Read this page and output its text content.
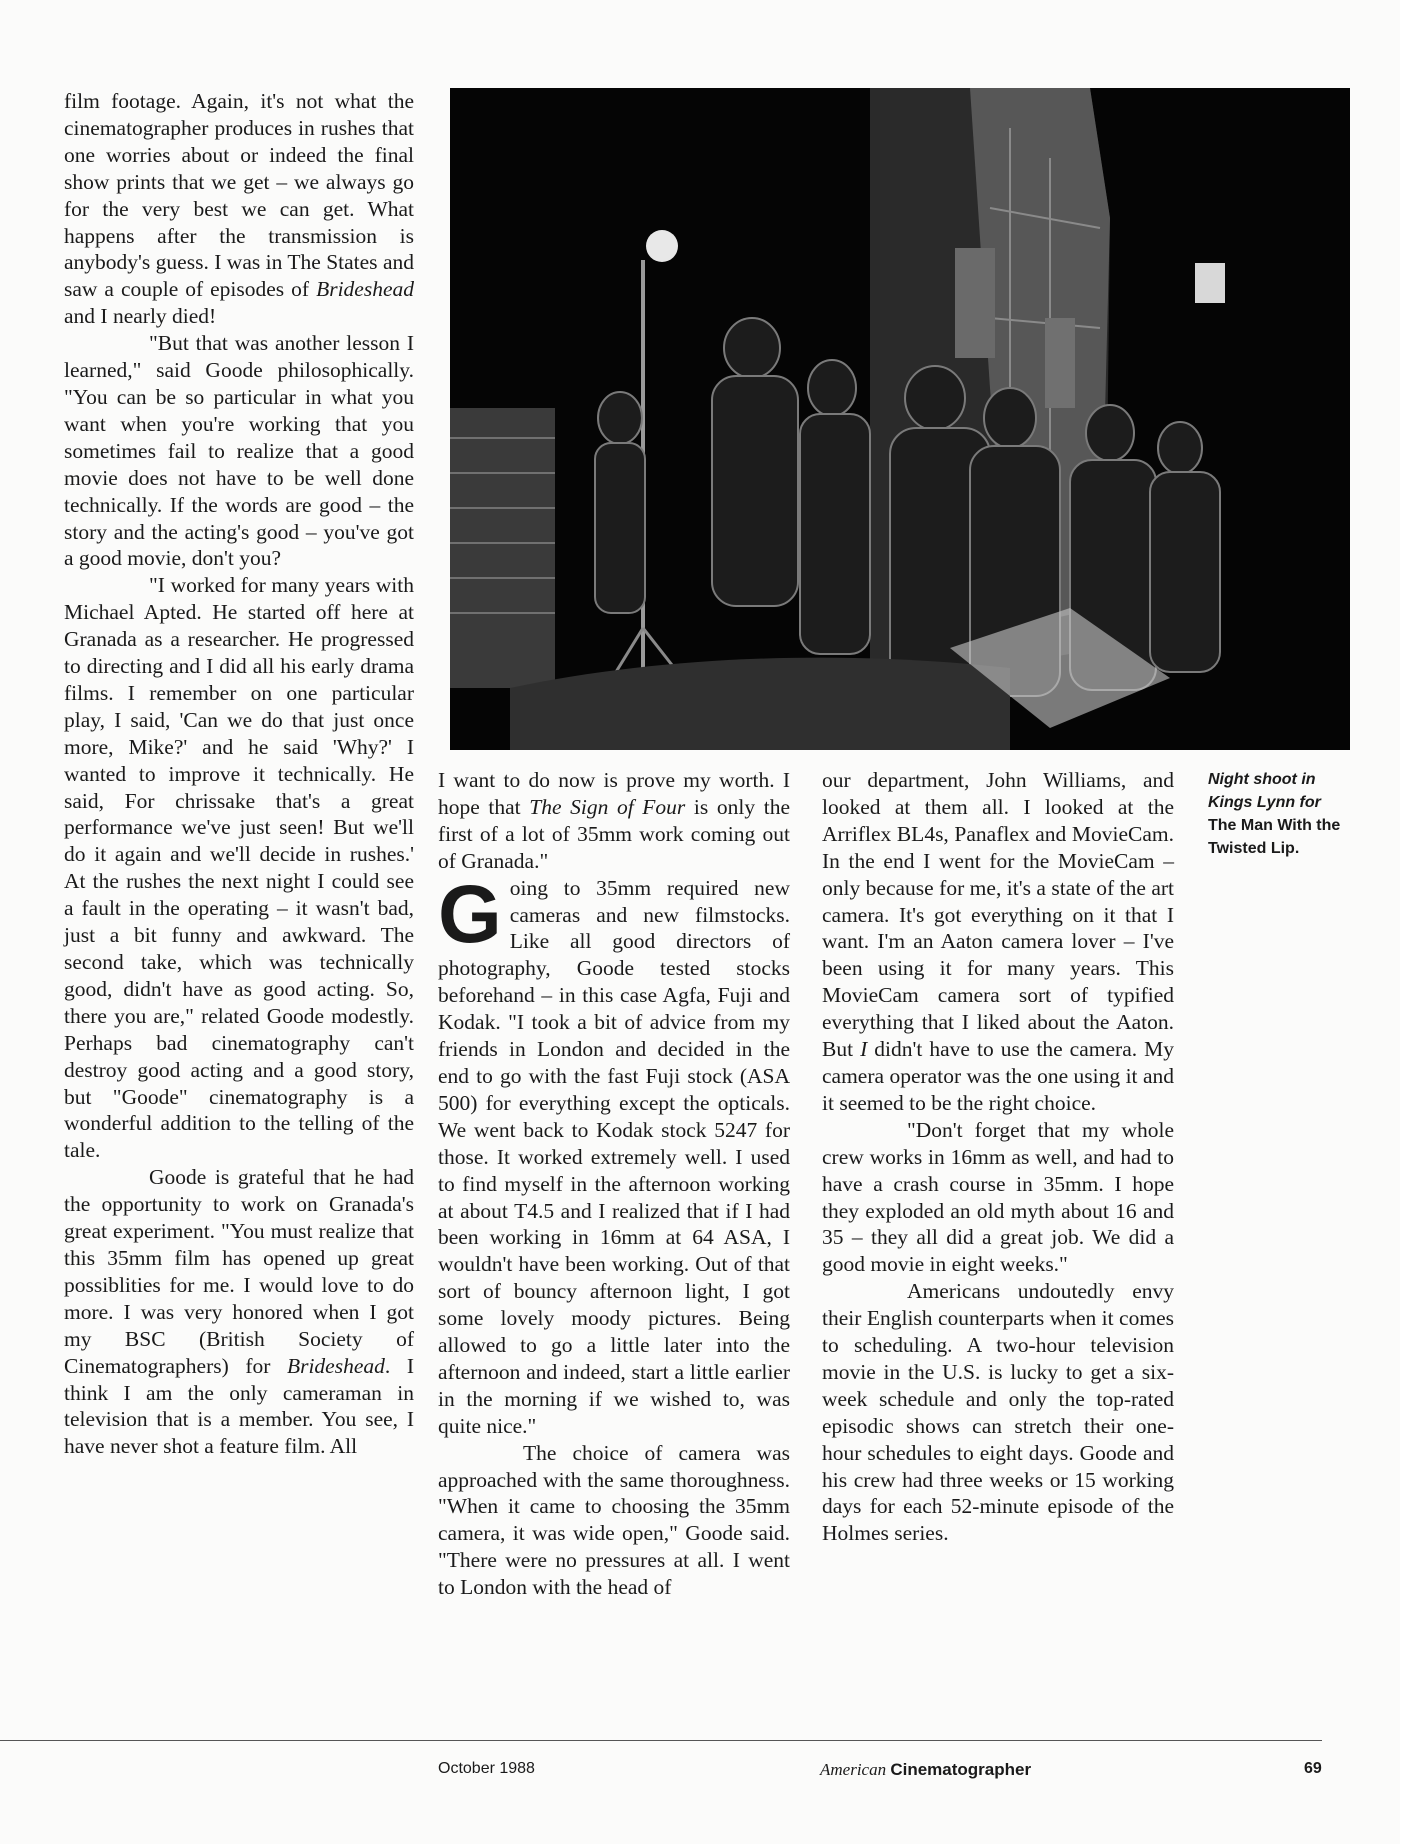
film footage. Again, it's not what the cinematographer produces in rushes that one worries about or indeed the final show prints that we get – we always go for the very best we can get. What happens after the transmission is anybody's guess. I was in The States and saw a couple of episodes of Brideshead and I nearly died!

"But that was another lesson I learned," said Goode philosophically. "You can be so particular in what you want when you're working that you sometimes fail to realize that a good movie does not have to be well done technically. If the words are good – the story and the acting's good – you've got a good movie, don't you?

"I worked for many years with Michael Apted. He started off here at Granada as a researcher. He progressed to directing and I did all his early drama films. I remember on one particular play, I said, 'Can we do that just once more, Mike?' and he said 'Why?' I wanted to improve it technically. He said, For chrissake that's a great performance we've just seen! But we'll do it again and we'll decide in rushes.' At the rushes the next night I could see a fault in the operating – it wasn't bad, just a bit funny and awkward. The second take, which was technically good, didn't have as good acting. So, there you are," related Goode modestly. Perhaps bad cinematography can't destroy good acting and a good story, but "Goode" cinematography is a wonderful addition to the telling of the tale.

Goode is grateful that he had the opportunity to work on Granada's great experiment. "You must realize that this 35mm film has opened up great possiblities for me. I would love to do more. I was very honored when I got my BSC (British Society of Cinematographers) for Brideshead. I think I am the only cameraman in television that is a member. You see, I have never shot a feature film. All

I want to do now is prove my worth. I hope that The Sign of Four is only the first of a lot of 35mm work coming out of Granada."

Going to 35mm required new cameras and new filmstocks. Like all good directors of photography, Goode tested stocks beforehand – in this case Agfa, Fuji and Kodak. "I took a bit of advice from my friends in London and decided in the end to go with the fast Fuji stock (ASA 500) for everything except the opticals. We went back to Kodak stock 5247 for those. It worked extremely well. I used to find myself in the afternoon working at about T4.5 and I realized that if I had been working in 16mm at 64 ASA, I wouldn't have been working. Out of that sort of bouncy afternoon light, I got some lovely moody pictures. Being allowed to go a little later into the afternoon and indeed, start a little earlier in the morning if we wished to, was quite nice."

The choice of camera was approached with the same thoroughness. "When it came to choosing the 35mm camera, it was wide open," Goode said. "There were no pressures at all. I went to London with the head of

our department, John Williams, and looked at them all. I looked at the Arriflex BL4s, Panaflex and MovieCam. In the end I went for the MovieCam – only because for me, it's a state of the art camera. It's got everything on it that I want. I'm an Aaton camera lover – I've been using it for many years. This MovieCam camera sort of typified everything that I liked about the Aaton. But I didn't have to use the camera. My camera operator was the one using it and it seemed to be the right choice.

"Don't forget that my whole crew works in 16mm as well, and had to have a crash course in 35mm. I hope they exploded an old myth about 16 and 35 – they all did a great job. We did a good movie in eight weeks."

Americans undoutedly envy their English counterparts when it comes to scheduling. A two-hour television movie in the U.S. is lucky to get a six-week schedule and only the top-rated episodic shows can stretch their one-hour schedules to eight days. Goode and his crew had three weeks or 15 working days for each 52-minute episode of the Holmes series.

Night shoot in Kings Lynn for
The Man With the Twisted Lip.
October 1988	American Cinematographer	69
